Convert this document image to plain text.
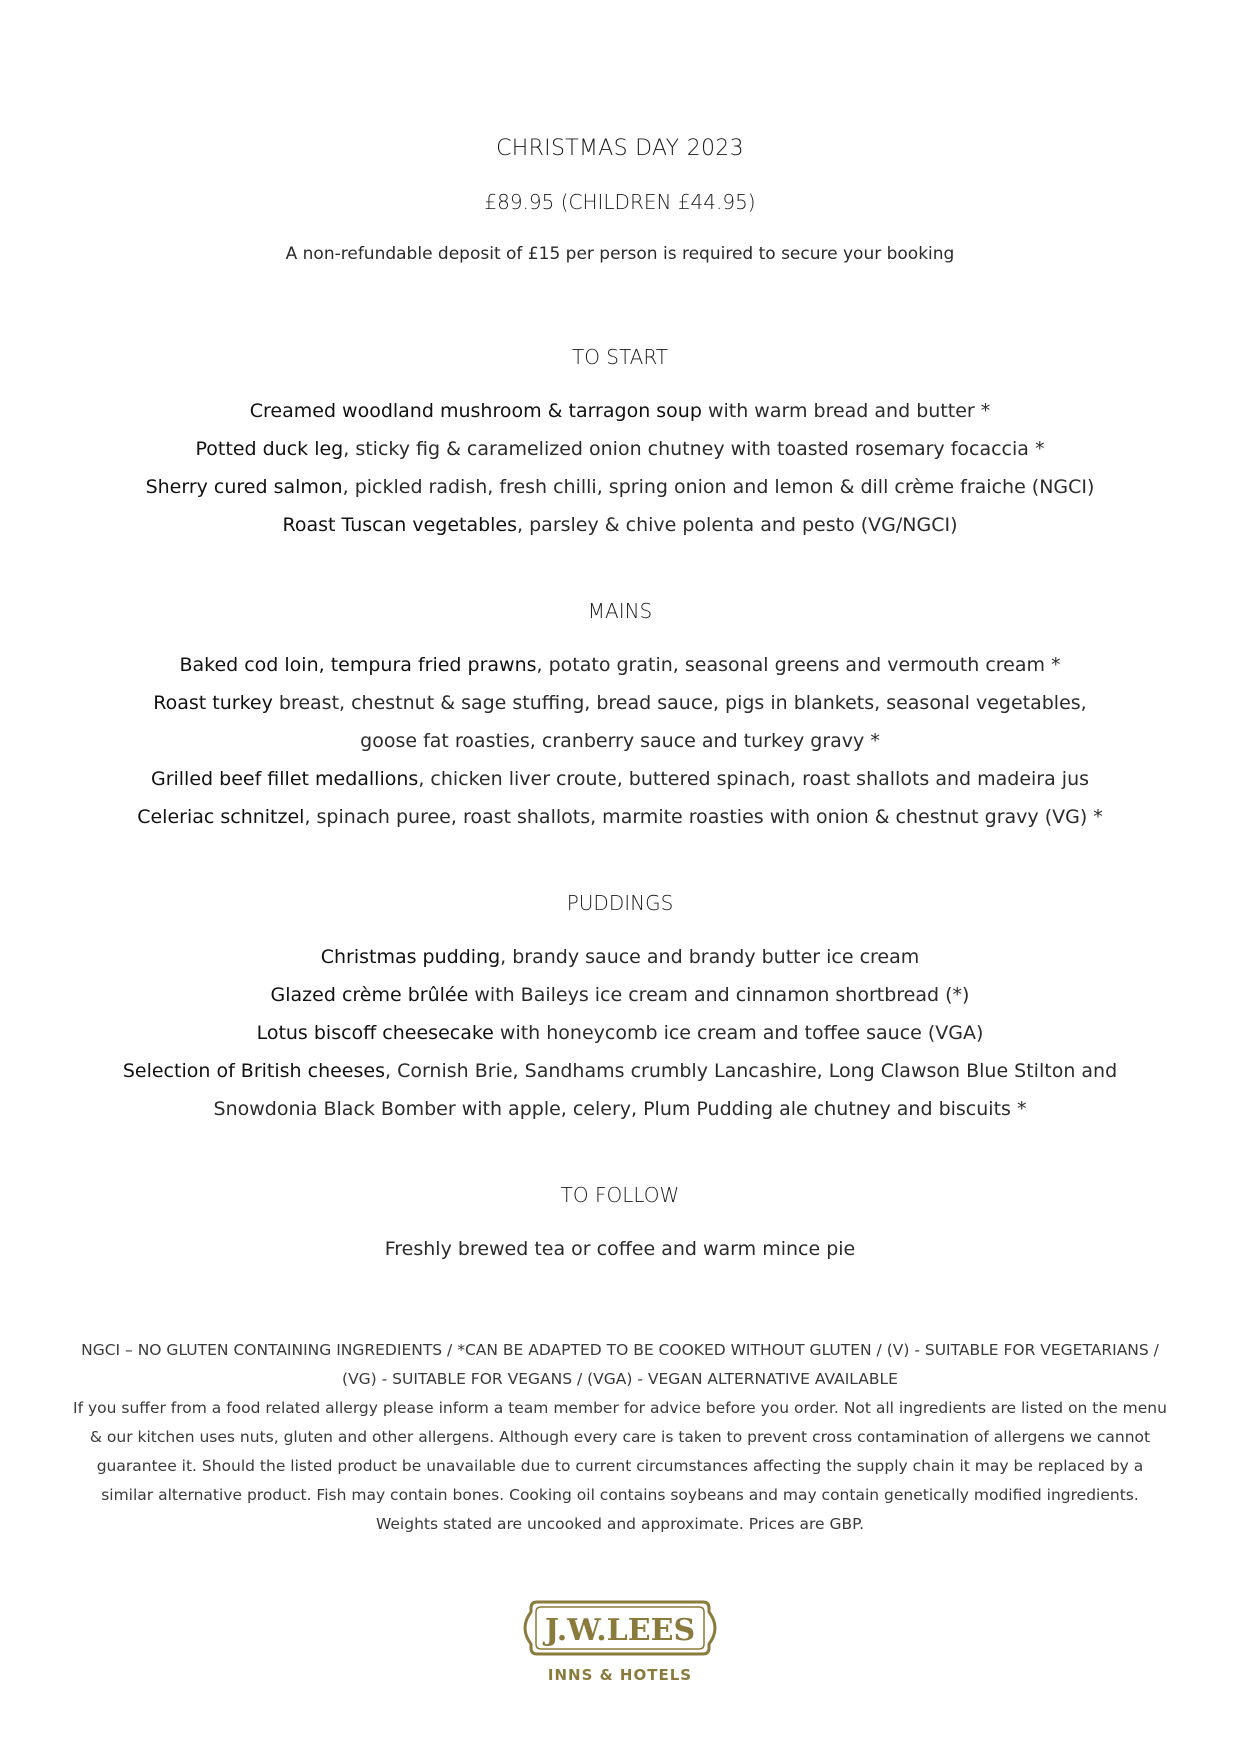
CHRISTMAS DAY 2023
£89.95 (CHILDREN £44.95)
A non-refundable deposit of £15 per person is required to secure your booking
TO START
Creamed woodland mushroom & tarragon soup with warm bread and butter *
Potted duck leg, sticky fig & caramelized onion chutney with toasted rosemary focaccia *
Sherry cured salmon, pickled radish, fresh chilli, spring onion and lemon & dill crème fraiche (NGCI)
Roast Tuscan vegetables, parsley & chive polenta and pesto (VG/NGCI)
MAINS
Baked cod loin, tempura fried prawns, potato gratin, seasonal greens and vermouth cream *
Roast turkey breast, chestnut & sage stuffing, bread sauce, pigs in blankets, seasonal vegetables,
goose fat roasties, cranberry sauce and turkey gravy *
Grilled beef fillet medallions, chicken liver croute, buttered spinach, roast shallots and madeira jus
Celeriac schnitzel, spinach puree, roast shallots, marmite roasties with onion & chestnut gravy (VG) *
PUDDINGS
Christmas pudding, brandy sauce and brandy butter ice cream
Glazed crème brûlée with Baileys ice cream and cinnamon shortbread (*)
Lotus biscoff cheesecake with honeycomb ice cream and toffee sauce (VGA)
Selection of British cheeses, Cornish Brie, Sandhams crumbly Lancashire, Long Clawson Blue Stilton and
Snowdonia Black Bomber with apple, celery, Plum Pudding ale chutney and biscuits *
TO FOLLOW
Freshly brewed tea or coffee and warm mince pie
NGCI – NO GLUTEN CONTAINING INGREDIENTS / *CAN BE ADAPTED TO BE COOKED WITHOUT GLUTEN / (V) - SUITABLE FOR VEGETARIANS / (VG) - SUITABLE FOR VEGANS / (VGA) - VEGAN ALTERNATIVE AVAILABLE
If you suffer from a food related allergy please inform a team member for advice before you order. Not all ingredients are listed on the menu & our kitchen uses nuts, gluten and other allergens. Although every care is taken to prevent cross contamination of allergens we cannot guarantee it. Should the listed product be unavailable due to current circumstances affecting the supply chain it may be replaced by a similar alternative product. Fish may contain bones. Cooking oil contains soybeans and may contain genetically modified ingredients. Weights stated are uncooked and approximate. Prices are GBP.
J.W.LEES
INNS & HOTELS
